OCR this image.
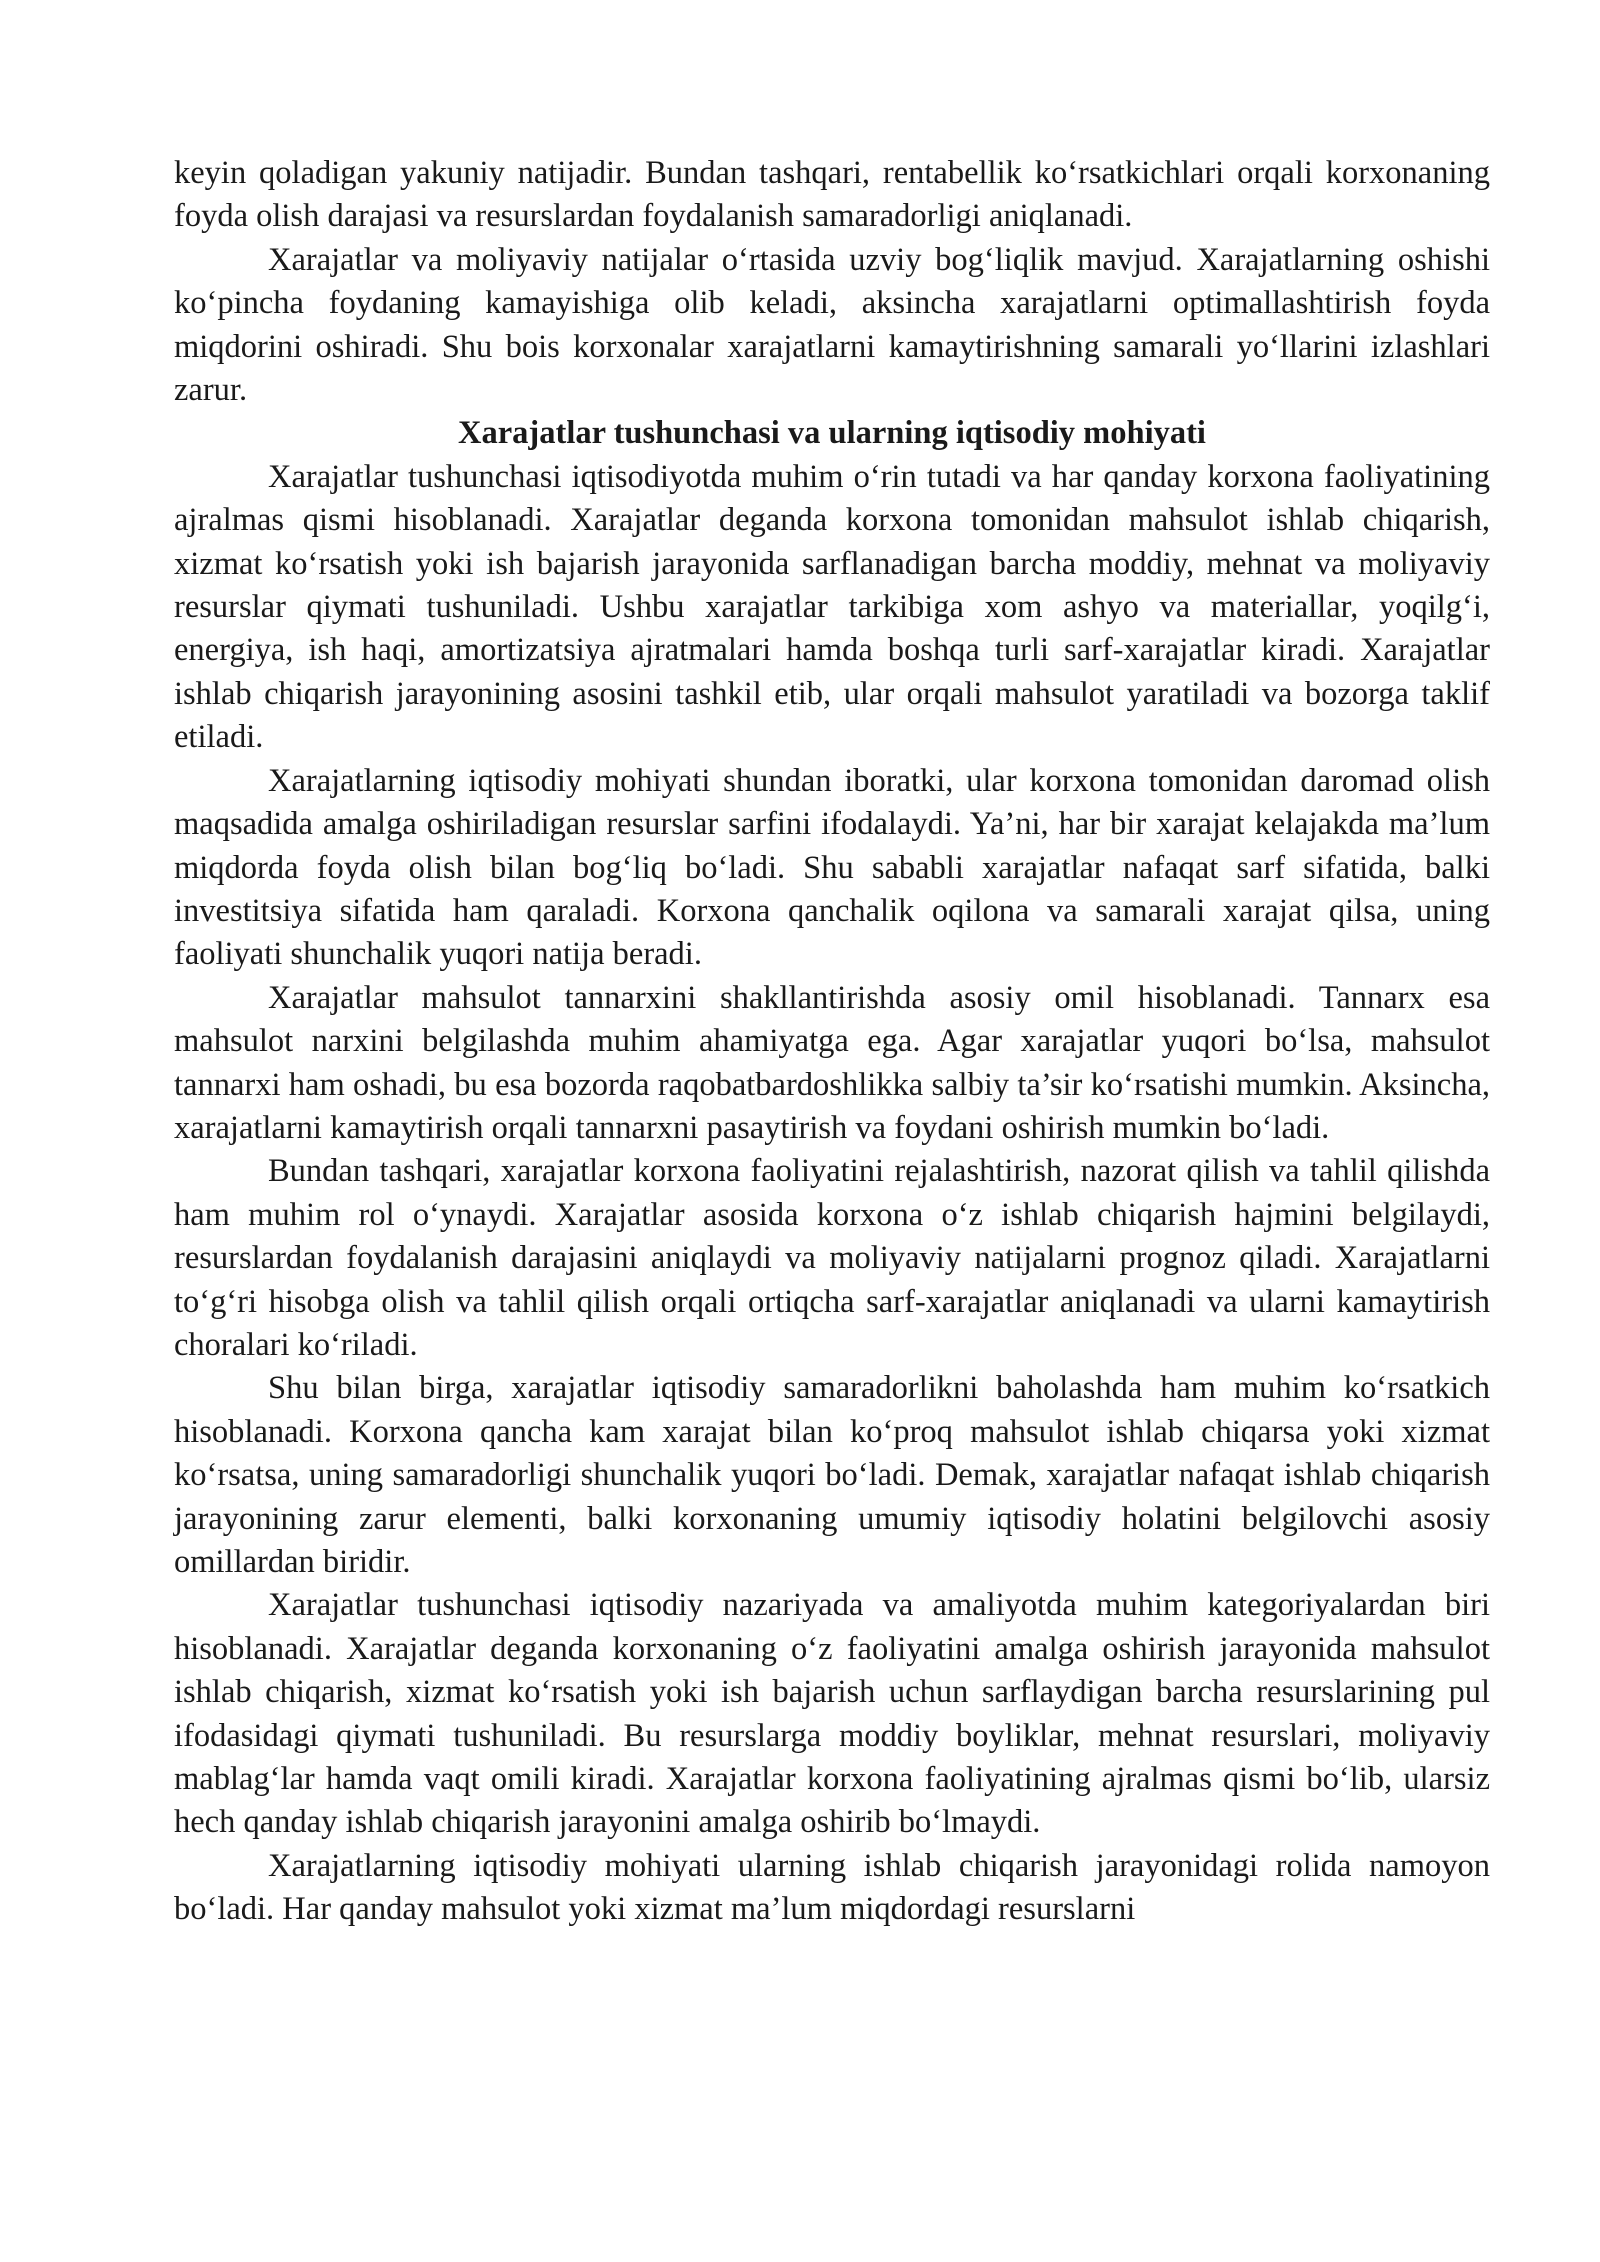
keyin qoladigan yakuniy natijadir. Bundan tashqari, rentabellik ko‘rsatkichlari orqali korxonaning foyda olish darajasi va resurslardan foydalanish samaradorligi aniqlanadi.

Xarajatlar va moliyaviy natijalar o‘rtasida uzviy bog‘liqlik mavjud. Xarajatlarning oshishi ko‘pincha foydaning kamayishiga olib keladi, aksincha xarajatlarni optimallashtirish foyda miqdorini oshiradi. Shu bois korxonalar xarajatlarni kamaytirishning samarali yo‘llarini izlashlari zarur.

Xarajatlar tushunchasi va ularning iqtisodiy mohiyati

Xarajatlar tushunchasi iqtisodiyotda muhim o‘rin tutadi va har qanday korxona faoliyatining ajralmas qismi hisoblanadi. Xarajatlar deganda korxona tomonidan mahsulot ishlab chiqarish, xizmat ko‘rsatish yoki ish bajarish jarayonida sarflanadigan barcha moddiy, mehnat va moliyaviy resurslar qiymati tushuniladi. Ushbu xarajatlar tarkibiga xom ashyo va materiallar, yoqilg‘i, energiya, ish haqi, amortizatsiya ajratmalari hamda boshqa turli sarf-xarajatlar kiradi. Xarajatlar ishlab chiqarish jarayonining asosini tashkil etib, ular orqali mahsulot yaratiladi va bozorga taklif etiladi.

Xarajatlarning iqtisodiy mohiyati shundan iboratki, ular korxona tomonidan daromad olish maqsadida amalga oshiriladigan resurslar sarfini ifodalaydi. Ya’ni, har bir xarajat kelajakda ma’lum miqdorda foyda olish bilan bog‘liq bo‘ladi. Shu sababli xarajatlar nafaqat sarf sifatida, balki investitsiya sifatida ham qaraladi. Korxona qanchalik oqilona va samarali xarajat qilsa, uning faoliyati shunchalik yuqori natija beradi.

Xarajatlar mahsulot tannarxini shakllantirishda asosiy omil hisoblanadi. Tannarx esa mahsulot narxini belgilashda muhim ahamiyatga ega. Agar xarajatlar yuqori bo‘lsa, mahsulot tannarxi ham oshadi, bu esa bozorda raqobatbardoshlikka salbiy ta’sir ko‘rsatishi mumkin. Aksincha, xarajatlarni kamaytirish orqali tannarxni pasaytirish va foydani oshirish mumkin bo‘ladi.

Bundan tashqari, xarajatlar korxona faoliyatini rejalashtirish, nazorat qilish va tahlil qilishda ham muhim rol o‘ynaydi. Xarajatlar asosida korxona o‘z ishlab chiqarish hajmini belgilaydi, resurslardan foydalanish darajasini aniqlaydi va moliyaviy natijalarni prognoz qiladi. Xarajatlarni to‘g‘ri hisobga olish va tahlil qilish orqali ortiqcha sarf-xarajatlar aniqlanadi va ularni kamaytirish choralari ko‘riladi.

Shu bilan birga, xarajatlar iqtisodiy samaradorlikni baholashda ham muhim ko‘rsatkich hisoblanadi. Korxona qancha kam xarajat bilan ko‘proq mahsulot ishlab chiqarsa yoki xizmat ko‘rsatsa, uning samaradorligi shunchalik yuqori bo‘ladi. Demak, xarajatlar nafaqat ishlab chiqarish jarayonining zarur elementi, balki korxonaning umumiy iqtisodiy holatini belgilovchi asosiy omillardan biridir.

Xarajatlar tushunchasi iqtisodiy nazariyada va amaliyotda muhim kategoriyalardan biri hisoblanadi. Xarajatlar deganda korxonaning o‘z faoliyatini amalga oshirish jarayonida mahsulot ishlab chiqarish, xizmat ko‘rsatish yoki ish bajarish uchun sarflaydigan barcha resurslarining pul ifodasidagi qiymati tushuniladi. Bu resurslarga moddiy boyliklar, mehnat resurslari, moliyaviy mablag‘lar hamda vaqt omili kiradi. Xarajatlar korxona faoliyatining ajralmas qismi bo‘lib, ularsiz hech qanday ishlab chiqarish jarayonini amalga oshirib bo‘lmaydi.

Xarajatlarning iqtisodiy mohiyati ularning ishlab chiqarish jarayonidagi rolida namoyon bo‘ladi. Har qanday mahsulot yoki xizmat ma’lum miqdordagi resurslarni
